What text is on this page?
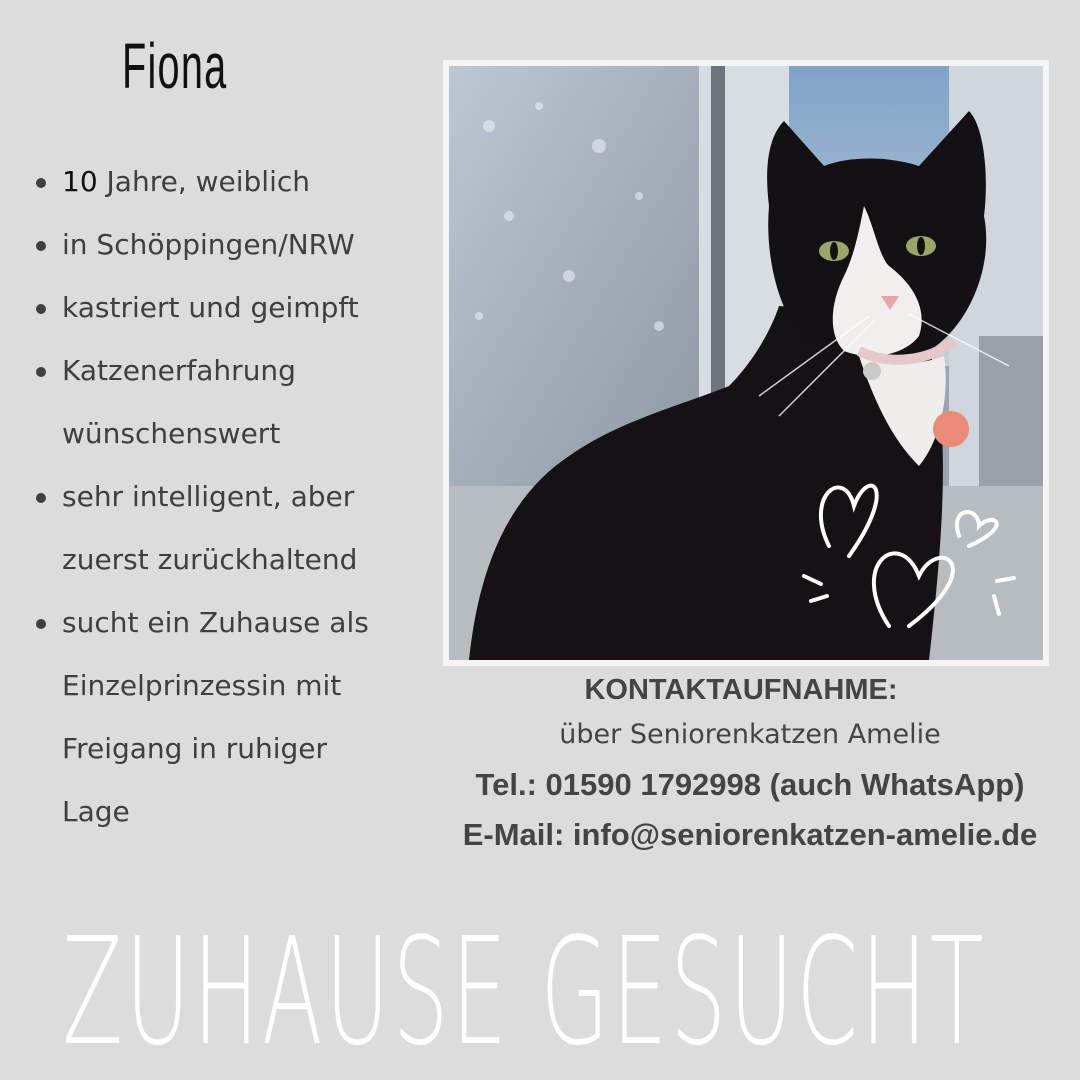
Fiona
10 Jahre, weiblich
in Schöppingen/NRW
kastriert und geimpft
Katzenerfahrung
wünschenswert
sehr intelligent, aber
zuerst zurückhaltend
sucht ein Zuhause als
Einzelprinzessin mit
Freigang in ruhiger
Lage
KONTAKTAUFNAHME:
über Seniorenkatzen Amelie
Tel.: 01590 1792998 (auch WhatsApp)
E-Mail: info@seniorenkatzen-amelie.de
ZUHAUSE GESUCHT
